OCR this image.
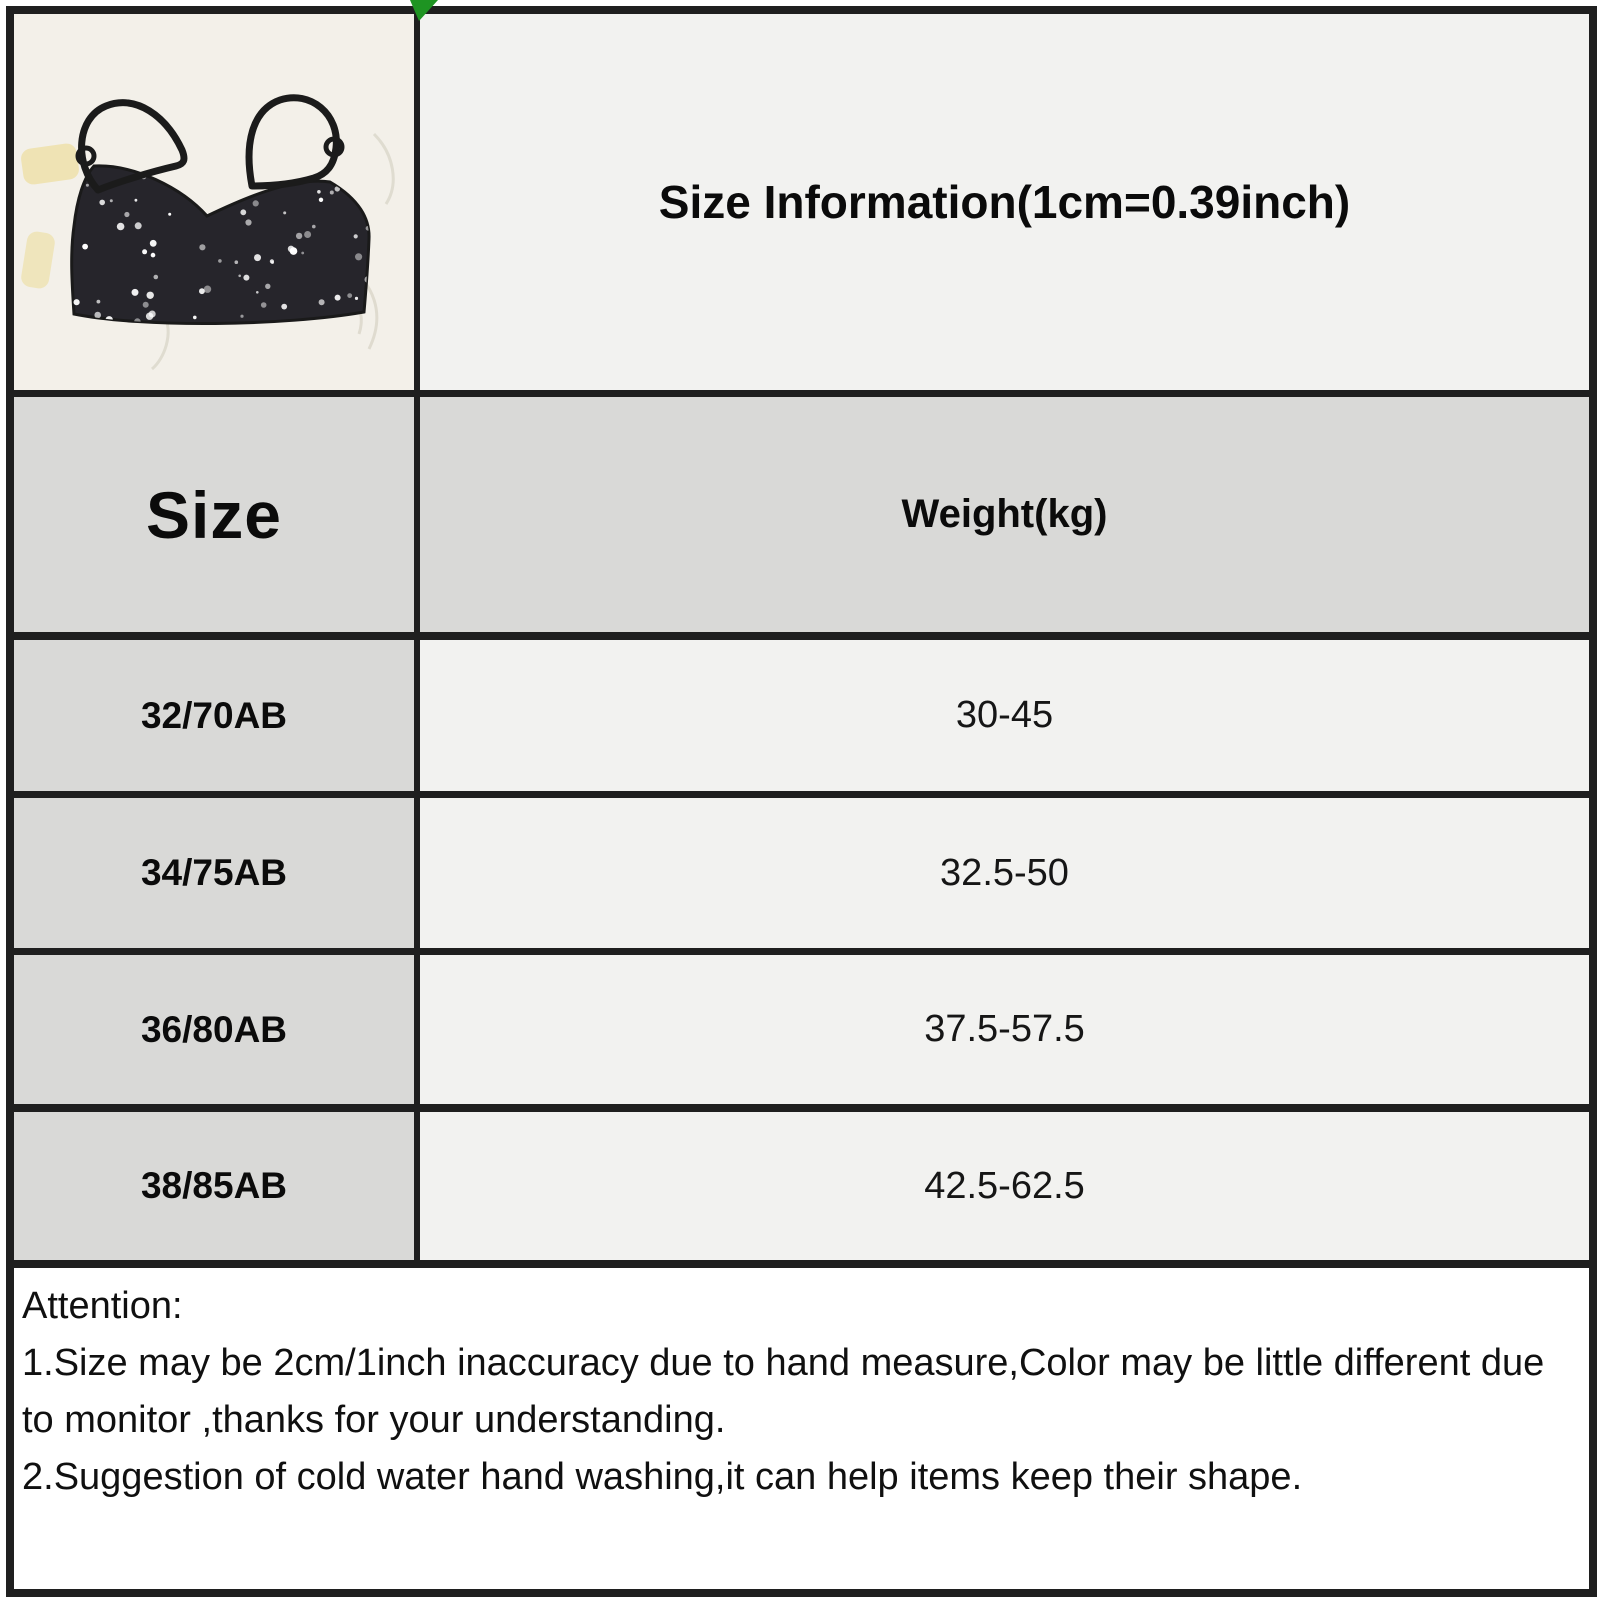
Size Information(1cm=0.39inch)
Size	Weight(kg)
32/70AB	30-45
34/75AB	32.5-50
36/80AB	37.5-57.5
38/85AB	42.5-62.5

Attention:

1.Size may be 2cm/1inch inaccuracy due to hand measure,Color may be little different due to monitor ,thanks for your understanding.

2.Suggestion of cold water hand washing,it can help items keep their shape.
